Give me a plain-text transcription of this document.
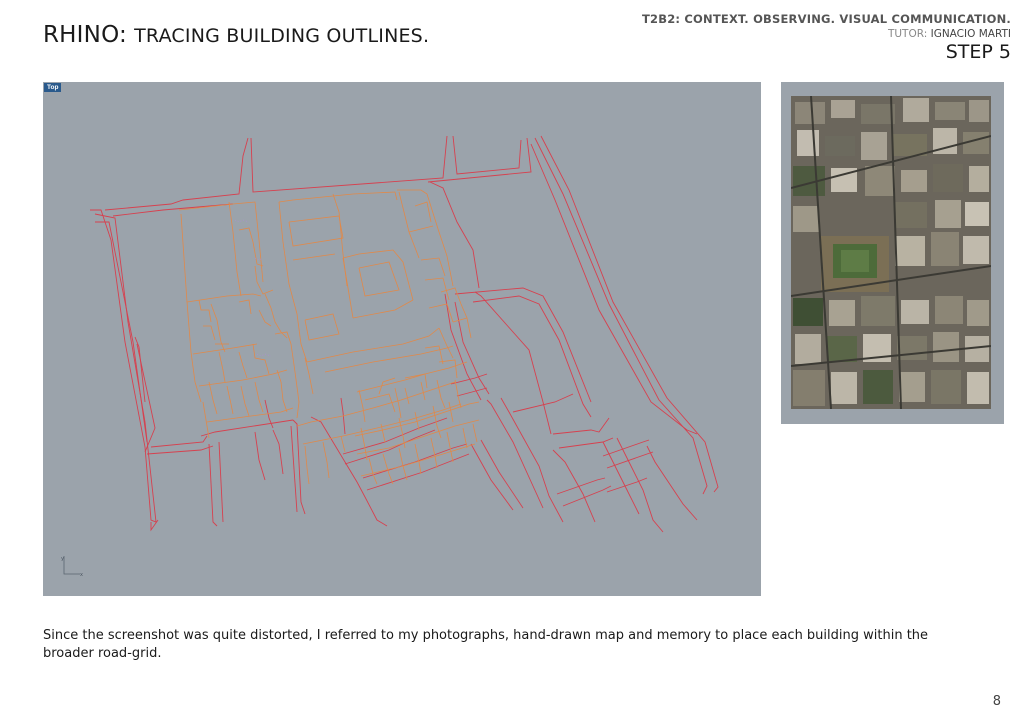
RHINO: TRACING BUILDING OUTLINES.
T2B2: CONTEXT. OBSERVING. VISUAL COMMUNICATION.
TUTOR: IGNACIO MARTI
STEP 5
Top
y
x
Since the screenshot was quite distorted, I referred to my photographs, hand-drawn map and memory to place each building within the broader road-grid.
8
